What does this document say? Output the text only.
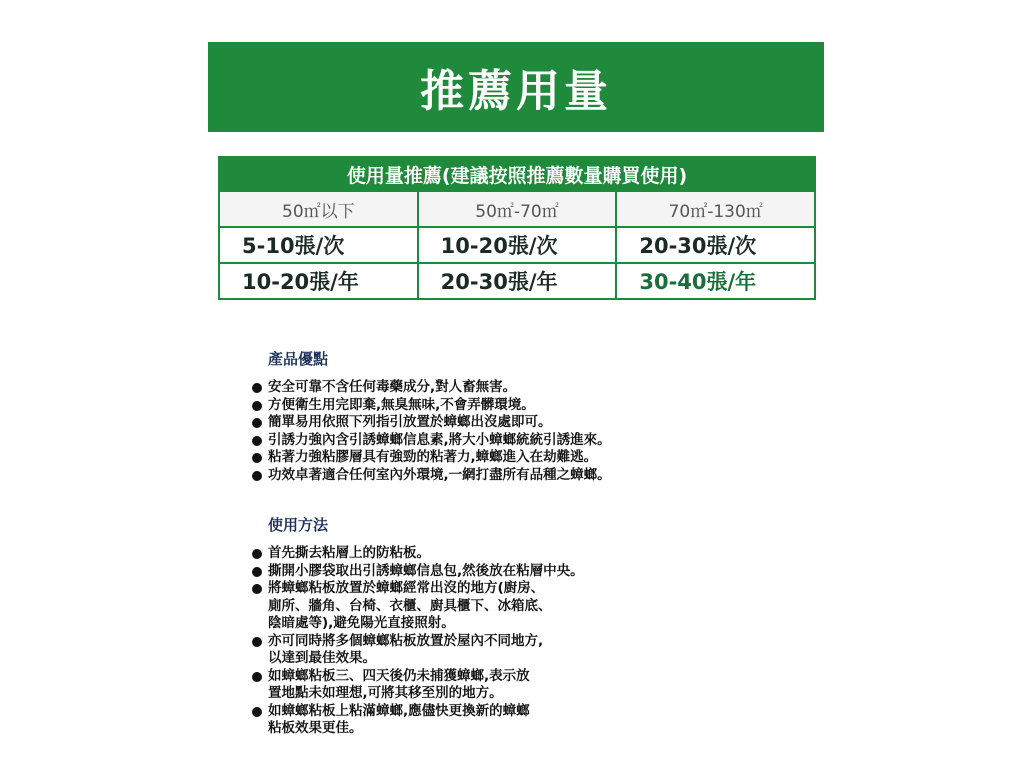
推薦用量
使用量推薦(建議按照推薦數量購買使用)
50㎡以下	50㎡-70㎡	70㎡-130㎡
5-10張/次	10-20張/次	20-30張/次
10-20張/年	20-30張/年	30-40張/年
產品優點
安全可靠不含任何毒藥成分,對人畜無害。
方便衛生用完即棄,無臭無味,不會弄髒環境。
簡單易用依照下列指引放置於蟑螂出沒處即可。
引誘力強內含引誘蟑螂信息素,將大小蟑螂統統引誘進來。
粘著力強粘膠層具有強勁的粘著力,蟑螂進入在劫難逃。
功效卓著適合任何室內外環境,一網打盡所有品種之蟑螂。
使用方法
首先撕去粘層上的防粘板。
撕開小膠袋取出引誘蟑螂信息包,然後放在粘層中央。
將蟑螂粘板放置於蟑螂經常出沒的地方(廚房、
廁所、牆角、台椅、衣櫃、廚具櫃下、冰箱底、
陰暗處等),避免陽光直接照射。
亦可同時將多個蟑螂粘板放置於屋內不同地方,
以達到最佳效果。
如蟑螂粘板三、四天後仍未捕獲蟑螂,表示放
置地點未如理想,可將其移至別的地方。
如蟑螂粘板上粘滿蟑螂,應儘快更換新的蟑螂
粘板效果更佳。
